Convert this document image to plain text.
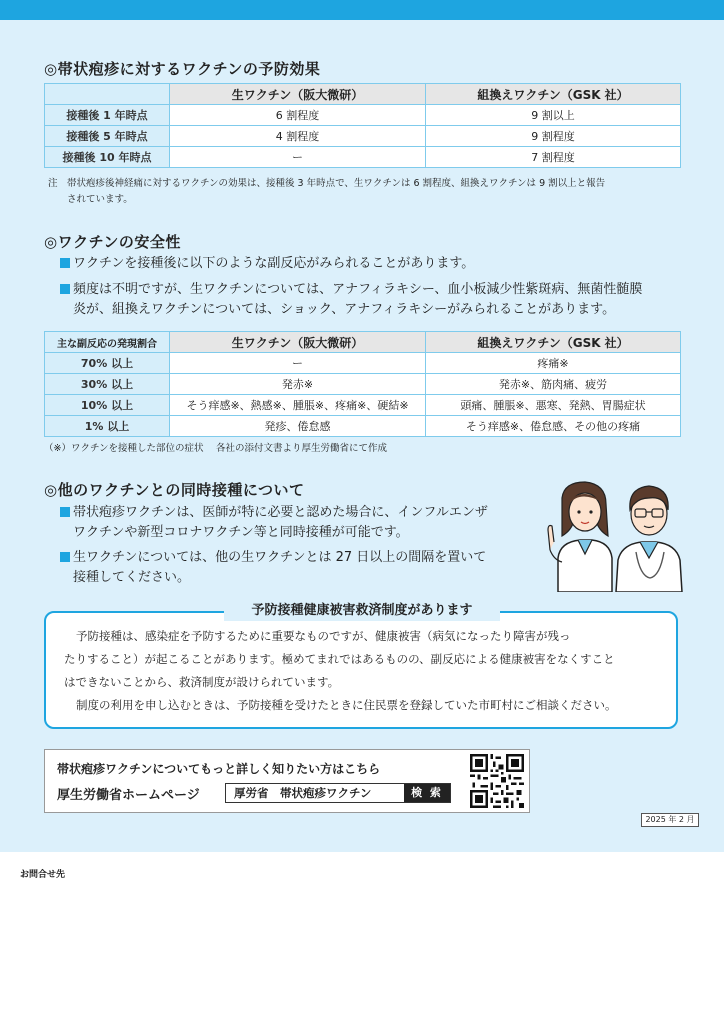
◎帯状疱疹に対するワクチンの予防効果
	生ワクチン（阪大微研）	組換えワクチン（GSK 社）
接種後 1 年時点	6 割程度	9 割以上
接種後 5 年時点	4 割程度	9 割程度
接種後 10 年時点	ー	7 割程度
注　帯状疱疹後神経痛に対するワクチンの効果は、接種後 3 年時点で、生ワクチンは 6 割程度、組換えワクチンは 9 割以上と報告
されています。
◎ワクチンの安全性
ワクチンを接種後に以下のような副反応がみられることがあります。
頻度は不明ですが、生ワクチンについては、アナフィラキシー、血小板減少性紫斑病、無菌性髄膜
炎が、組換えワクチンについては、ショック、アナフィラキシーがみられることがあります。
主な副反応の発現割合	生ワクチン（阪大微研）	組換えワクチン（GSK 社）
70% 以上	ー	疼痛※
30% 以上	発赤※	発赤※、筋肉痛、疲労
10% 以上	そう痒感※、熱感※、腫脹※、疼痛※、硬結※	頭痛、腫脹※、悪寒、発熱、胃腸症状
1% 以上	発疹、倦怠感	そう痒感※、倦怠感、その他の疼痛
（※）ワクチンを接種した部位の症状　 各社の添付文書より厚生労働省にて作成
◎他のワクチンとの同時接種について
帯状疱疹ワクチンは、医師が特に必要と認めた場合に、インフルエンザ
ワクチンや新型コロナワクチン等と同時接種が可能です。
生ワクチンについては、他の生ワクチンとは 27 日以上の間隔を置いて
接種してください。

予防接種は、感染症を予防するために重要なものですが、健康被害（病気になったり障害が残っ

たりすること）が起こることがあります。極めてまれではあるものの、副反応による健康被害をなくすこと

はできないことから、救済制度が設けられています。

制度の利用を申し込むときは、予防接種を受けたときに住民票を登録していた市町村にご相談ください。

予防接種健康被害救済制度があります
帯状疱疹ワクチンについてもっと詳しく知りたい方はこちら
厚生労働省ホームページ	厚労省　帯状疱疹ワクチン	検 索
2025 年 2 月
お問合せ先
